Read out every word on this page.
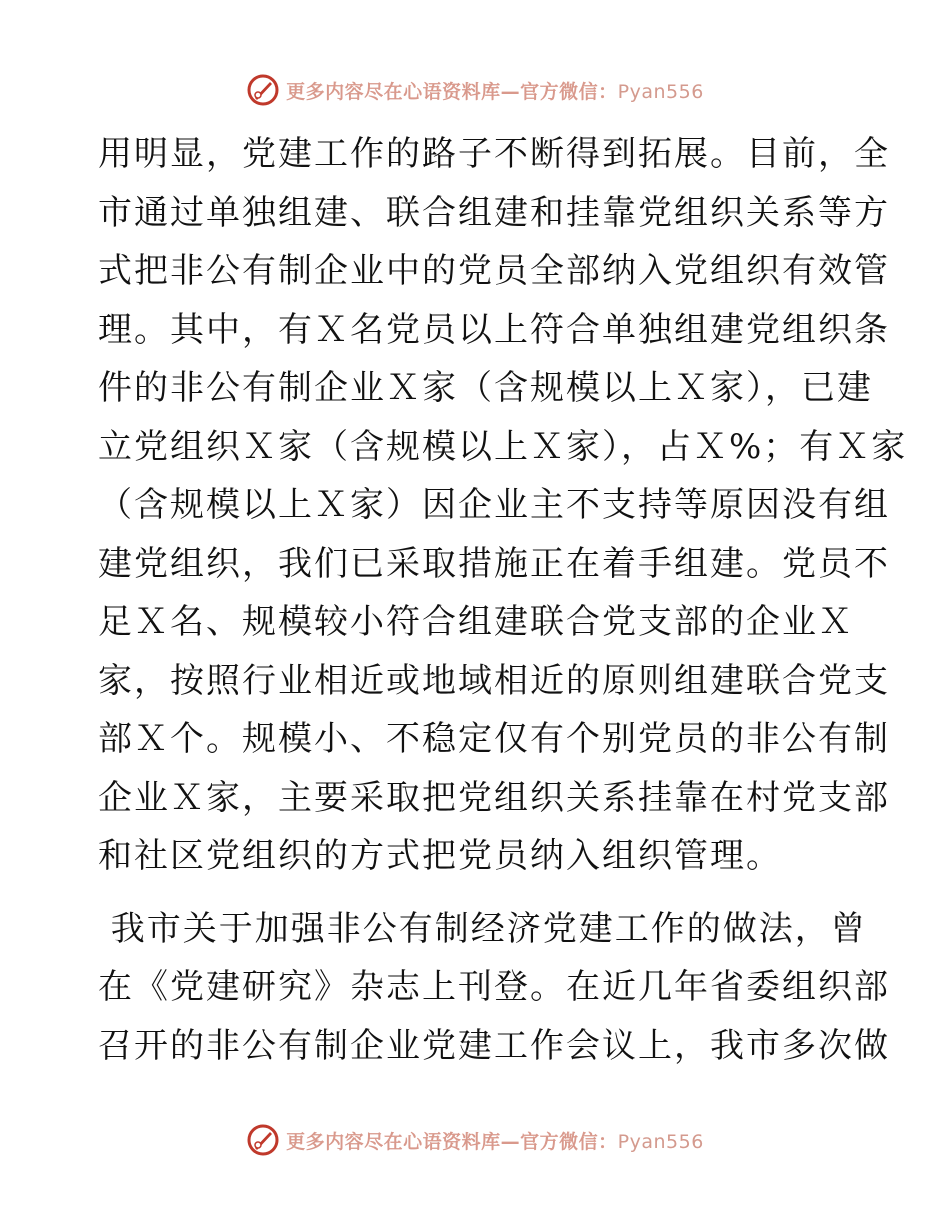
更多内容尽在心语资料库—官方微信：Pyan556

用明显，党建工作的路子不断得到拓展。目前，全
市通过单独组建、联合组建和挂靠党组织关系等方
式把非公有制企业中的党员全部纳入党组织有效管
理。其中，有Ｘ名党员以上符合单独组建党组织条
件的非公有制企业Ｘ家（含规模以上Ｘ家），已建
立党组织Ｘ家（含规模以上Ｘ家），占Ｘ%；有Ｘ家
（含规模以上Ｘ家）因企业主不支持等原因没有组
建党组织，我们已采取措施正在着手组建。党员不
足Ｘ名、规模较小符合组建联合党支部的企业Ｘ
家，按照行业相近或地域相近的原则组建联合党支
部Ｘ个。规模小、不稳定仅有个别党员的非公有制
企业Ｘ家，主要采取把党组织关系挂靠在村党支部
和社区党组织的方式把党员纳入组织管理。

我市关于加强非公有制经济党建工作的做法，曾
在《党建研究》杂志上刊登。在近几年省委组织部
召开的非公有制企业党建工作会议上，我市多次做

更多内容尽在心语资料库—官方微信：Pyan556
